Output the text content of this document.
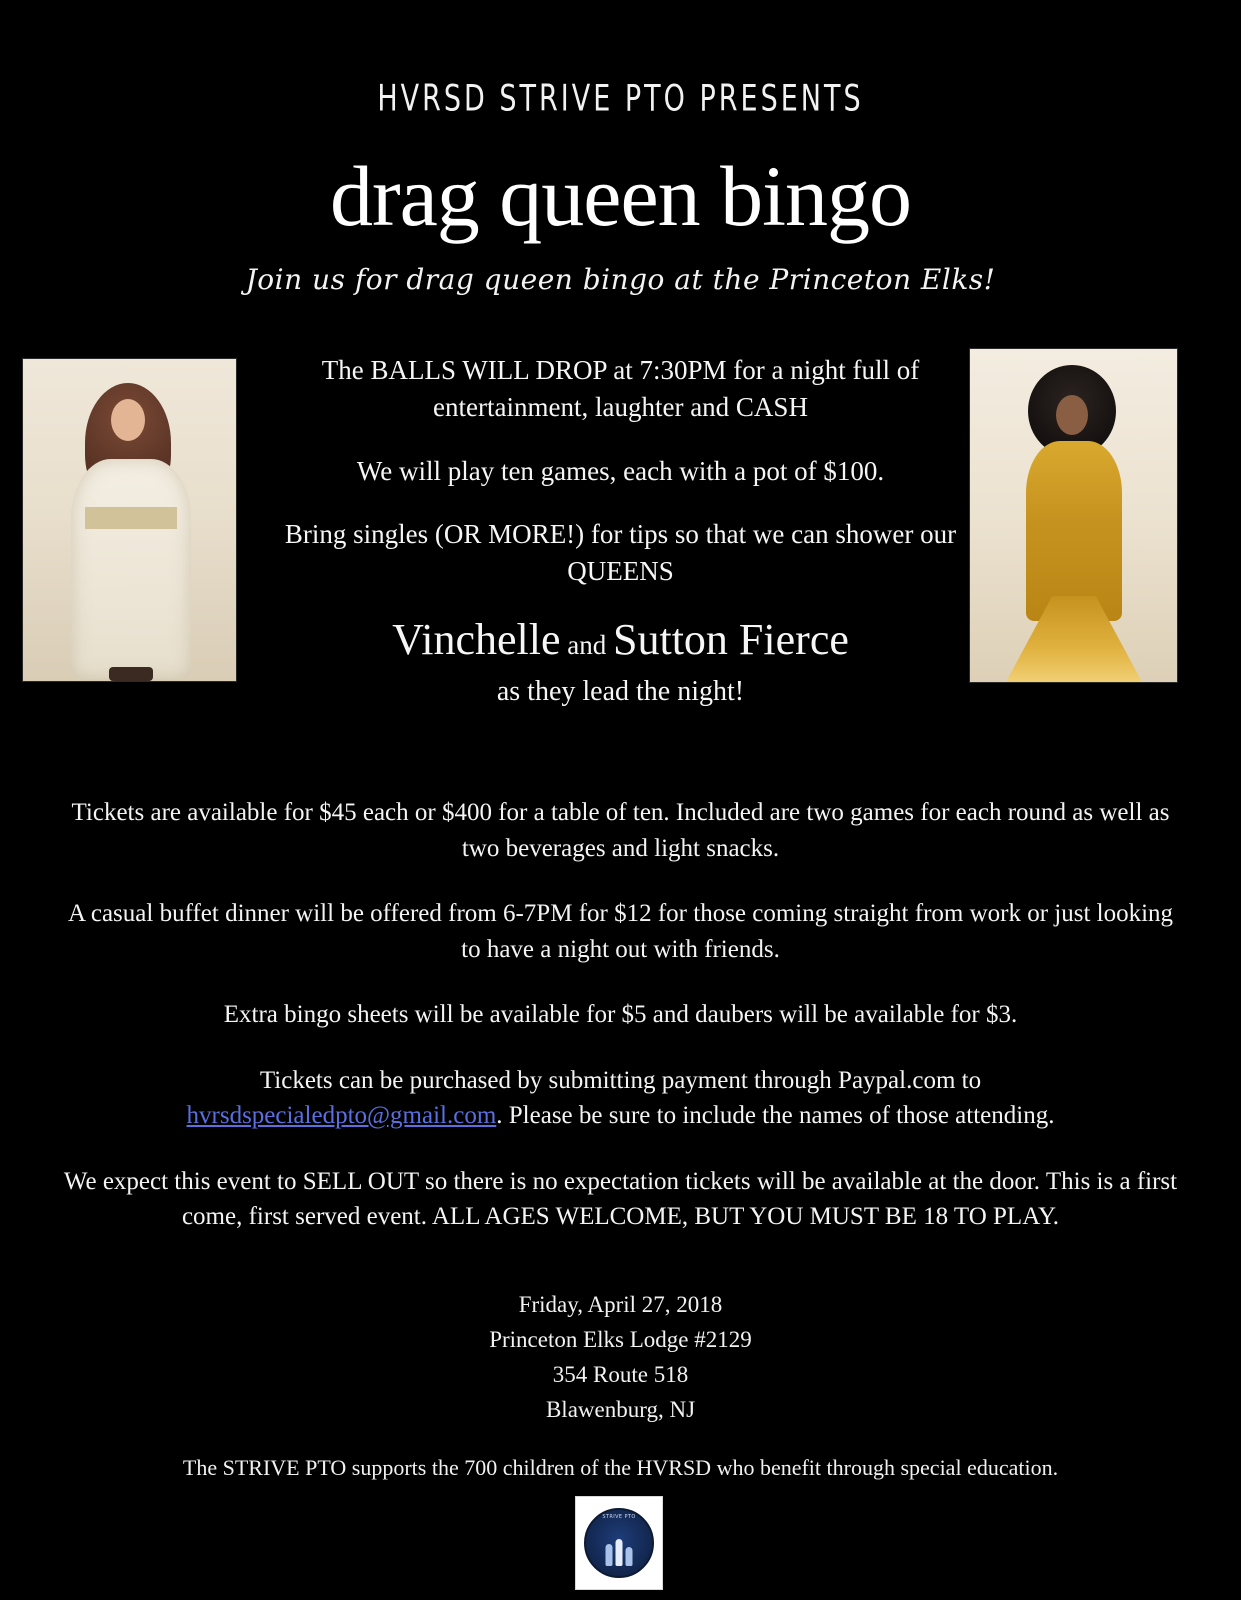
HVRSD STRIVE PTO PRESENTS
drag queen bingo
Join us for drag queen bingo at the Princeton Elks!

The BALLS WILL DROP at 7:30PM for a night full of entertainment, laughter and CASH

We will play ten games, each with a pot of $100.

Bring singles (OR MORE!) for tips so that we can shower our
QUEENS

Vinchelle and Sutton Fierce
as they lead the night!

Tickets are available for $45 each or $400 for a table of ten. Included are two games for each round as well as two beverages and light snacks.

A casual buffet dinner will be offered from 6-7PM for $12 for those coming straight from work or just looking to have a night out with friends.

Extra bingo sheets will be available for $5 and daubers will be available for $3.

Tickets can be purchased by submitting payment through Paypal.com to
hvrsdspecialedpto@gmail.com. Please be sure to include the names of those attending.

We expect this event to SELL OUT so there is no expectation tickets will be available at the door. This is a first come, first served event. ALL AGES WELCOME, BUT YOU MUST BE 18 TO PLAY.

Friday, April 27, 2018
Princeton Elks Lodge #2129
354 Route 518
Blawenburg, NJ
The STRIVE PTO supports the 700 children of the HVRSD who benefit through special education.
STRIVE PTO
